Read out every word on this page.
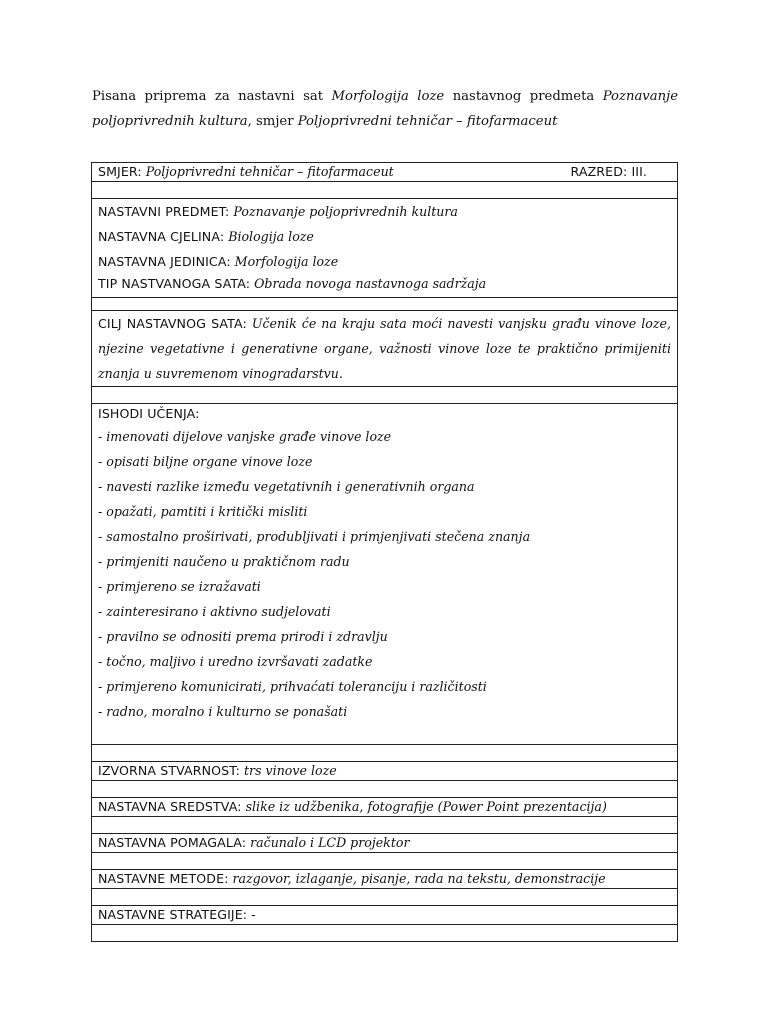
Pisana priprema za nastavni sat Morfologija loze nastavnog predmeta Poznavanje poljoprivrednih kultura, smjer Poljoprivredni tehničar – fitofarmaceut
SMJER: Poljoprivredni tehničar – fitofarmaceut	RAZRED: III.

NASTAVNI PREDMET: Poznavanje poljoprivrednih kultura
NASTAVNA CJELINA: Biologija loze
NASTAVNA JEDINICA: Morfologija loze
TIP NASTVANOGA SATA: Obrada novoga nastavnoga sadržaja

CILJ NASTAVNOG SATA: Učenik će na kraju sata moći navesti vanjsku građu vinove loze, njezine vegetativne i generativne organe, važnosti vinove loze te praktično primijeniti znanja u suvremenom vinogradarstvu.

ISHODI UČENJA:
- imenovati dijelove vanjske građe vinove loze
- opisati biljne organe vinove loze
- navesti razlike između vegetativnih i generativnih organa
- opažati, pamtiti i kritički misliti
- samostalno proširivati, produbljivati i primjenjivati stečena znanja
- primjeniti naučeno u praktičnom radu
- primjereno se izražavati
- zainteresirano i aktivno sudjelovati
- pravilno se odnositi prema prirodi i zdravlju
- točno, maljivo i uredno izvršavati zadatke
- primjereno komunicirati, prihvaćati toleranciju i različitosti
- radno, moralno i kulturno se ponašati

IZVORNA STVARNOST: trs vinove loze

NASTAVNA SREDSTVA: slike iz udžbenika, fotografije (Power Point prezentacija)

NASTAVNA POMAGALA: računalo i LCD projektor

NASTAVNE METODE: razgovor, izlaganje, pisanje, rada na tekstu, demonstracije

NASTAVNE STRATEGIJE: -
